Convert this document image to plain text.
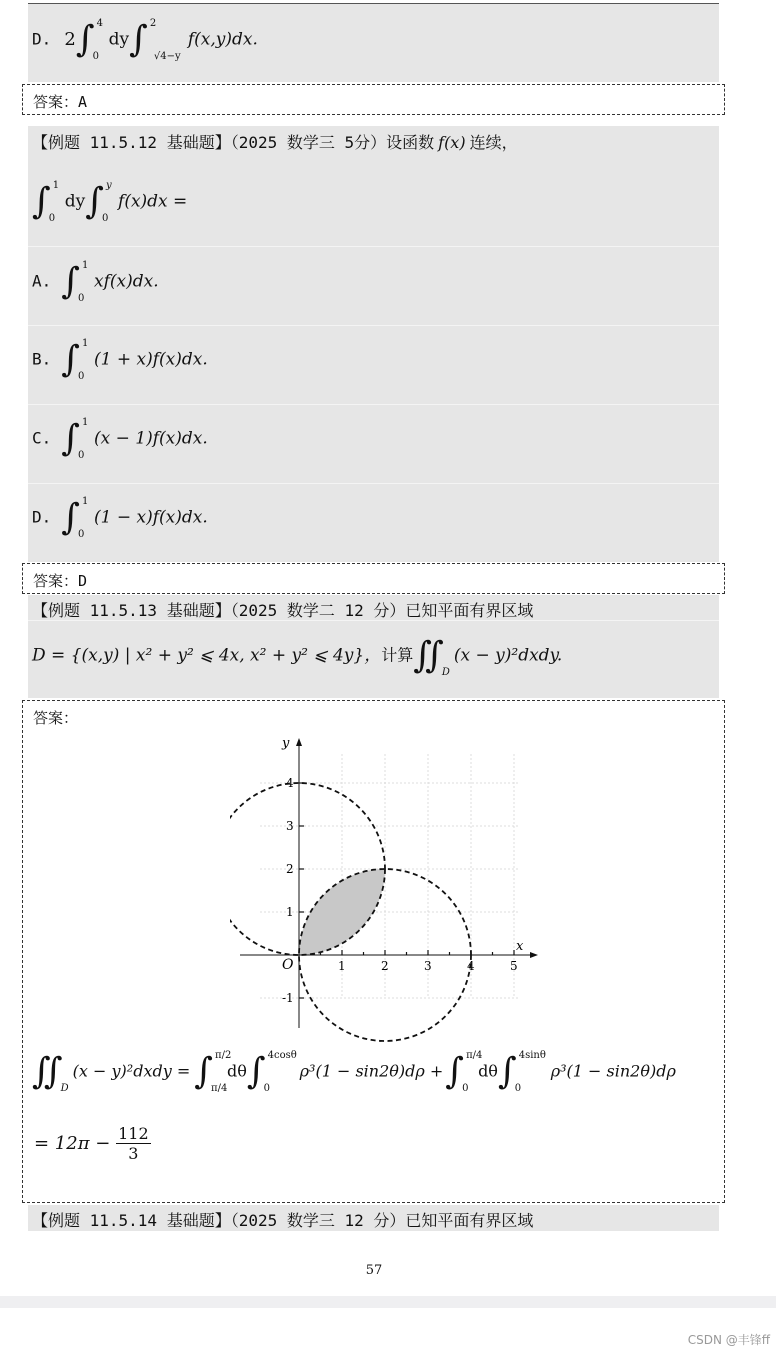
D. 2∫ 4
0
dy∫ 2
√4−y
f(x,y)dx.
答案：A
【例题 11.5.12 基础题】（2025 数学三 5分）设函数 f(x) 连续，
∫ 1
0
dy∫ y
0
f(x)dx =
A. ∫ 1
0
xf(x)dx.
B. ∫ 1
0
(1 + x)f(x)dx.
C. ∫ 1
0
(x − 1)f(x)dx.
D. ∫ 1
0
(1 − x)f(x)dx.
答案：D
【例题 11.5.13 基础题】（2025 数学二 12 分）已知平面有界区域
D = {(x,y) | x² + y² ⩽ 4x, x² + y² ⩽ 4y}，计算∬
D
(x − y)²dxdy.
答案：
y
x
O	1	2	3	4	5
4
3
2
1
-1
∬
D
(x − y)²dxdy = ∫ π/2
π/4
dθ∫ 4cosθ
0
ρ³(1 − sin2θ)dρ +∫ π/4
0
dθ∫ 4sinθ
0
ρ³(1 − sin2θ)dρ
= $12\pi - \frac{112}{3}$
【例题 11.5.14 基础题】（2025 数学三 12 分）已知平面有界区域
57
CSDN @丰锋ff
